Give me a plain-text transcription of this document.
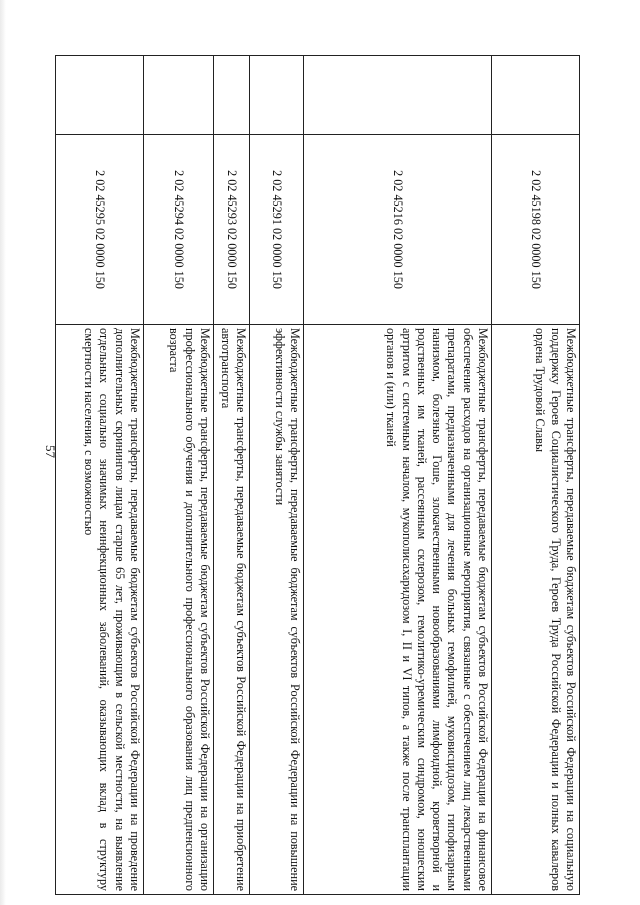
57
	2 02 45198 02 0000 150	Межбюджетные трансферты, передаваемые бюджетам субъектов Российской Федерации на социальную поддержку Героев Социалистического Труда, Героев Труда Российской Федерации и полных кавалеров ордена Трудовой Славы
	2 02 45216 02 0000 150	Межбюджетные трансферты, передаваемые бюджетам субъектов Российской Федерации на финансовое обеспечение расходов на организационные мероприятия, связанные с обеспечением лиц лекарственными препаратами, предназначенными для лечения больных гемофилией, муковисцидозом, гипофизарным нанизмом, болезнью Гоше, злокачественными новообразованиями лимфоидной, кроветворной и родственных им тканей, рассеянным склерозом, гемолитико-уремическим синдромом, юношеским артритом с системным началом, мукополисахаридозом I, II и VI типов, а также после трансплантации органов и (или) тканей
	2 02 45291 02 0000 150	Межбюджетные трансферты, передаваемые бюджетам субъектов Российской Федерации на повышение эффективности службы занятости
	2 02 45293 02 0000 150	Межбюджетные трансферты, передаваемые бюджетам субъектов Российской Федерации на приобретение автотранспорта
	2 02 45294 02 0000 150	Межбюджетные трансферты, передаваемые бюджетам субъектов Российской Федерации на организацию профессионального обучения и дополнительного профессионального образования лиц предпенсионного возраста
	2 02 45295 02 0000 150	Межбюджетные трансферты, передаваемые бюджетам субъектов Российской Федерации на проведение дополнительных скринингов лицам старше 65 лет, проживающим в сельской местности, на выявление отдельных социально значимых неинфекционных заболеваний, оказывающих вклад в структуру смертности населения, с возможностью
